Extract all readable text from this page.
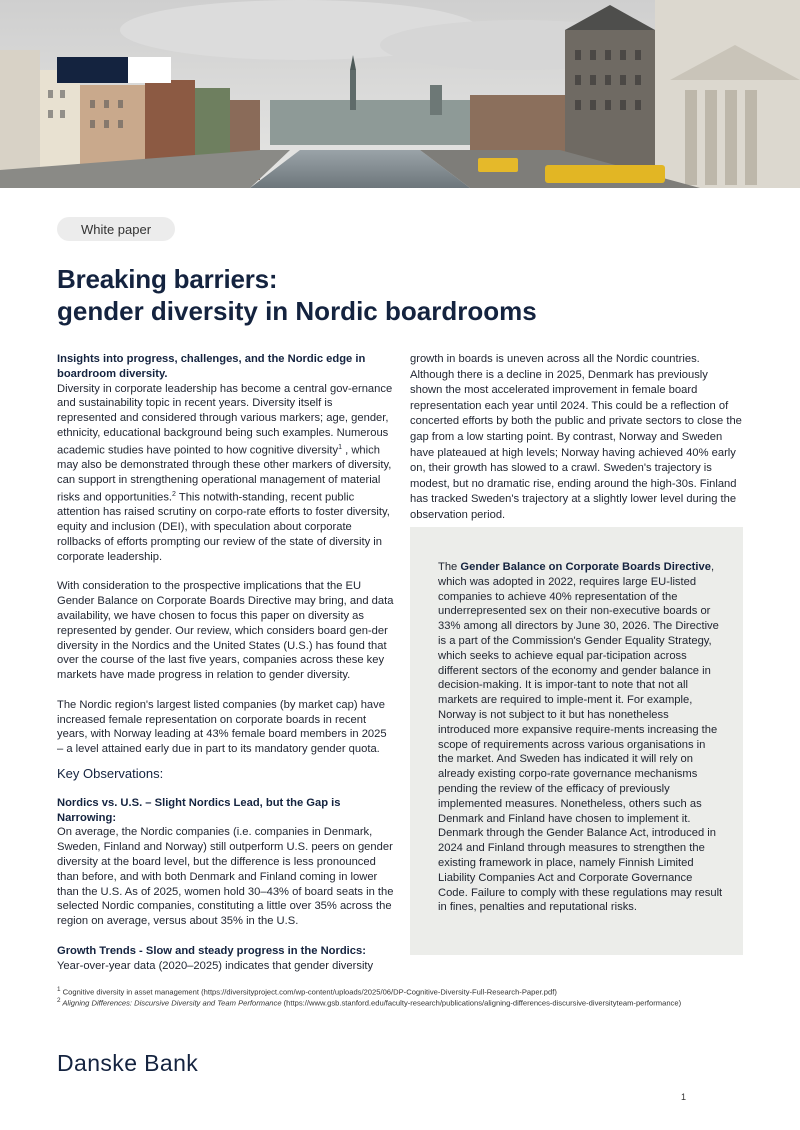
White paper
Breaking barriers:
gender diversity in Nordic boardrooms

Insights into progress, challenges, and the Nordic edge in boardroom diversity.

Diversity in corporate leadership has become a central gov-ernance and sustainability topic in recent years. Diversity itself is represented and considered through various markers; age, gender, ethnicity, educational background being such examples. Numerous academic studies have pointed to how cognitive diversity$^1$ , which may also be demonstrated through these other markers of diversity, can support in strengthening operational management of material risks and opportunities.$^2$ This notwith-standing, recent public attention has raised scrutiny on corpo-rate efforts to foster diversity, equity and inclusion (DEI), with speculation about corporate rollbacks of efforts prompting our review of the state of diversity in corporate leadership.

With consideration to the prospective implications that the EU Gender Balance on Corporate Boards Directive may bring, and data availability, we have chosen to focus this paper on diversity as represented by gender. Our review, which considers board gen-der diversity in the Nordics and the United States (U.S.) has found that over the course of the last five years, companies across these key markets have made progress in relation to gender diversity.

The Nordic region's largest listed companies (by market cap) have increased female representation on corporate boards in recent years, with Norway leading at 43% female board members in 2025 – a level attained early due in part to its mandatory gender quota.

Key Observations:

Nordics vs. U.S. – Slight Nordics Lead, but the Gap is Narrowing:

On average, the Nordic companies (i.e. companies in Denmark, Sweden, Finland and Norway) still outperform U.S. peers on gender diversity at the board level, but the difference is less pronounced than before, and with both Denmark and Finland coming in lower than the U.S. As of 2025, women hold 30–43% of board seats in the selected Nordic companies, constituting a little over 35% across the region on average, versus about 35% in the U.S.

Growth Trends - Slow and steady progress in the Nordics:

Year-over-year data (2020–2025) indicates that gender diversity

growth in boards is uneven across all the Nordic countries. Although there is a decline in 2025, Denmark has previously shown the most accelerated improvement in female board representation each year until 2024. This could be a reflection of concerted efforts by both the public and private sectors to close the gap from a low starting point. By contrast, Norway and Sweden have plateaued at high levels; Norway having achieved 40% early on, their growth has slowed to a crawl. Sweden's trajectory is modest, but no dramatic rise, ending around the high-30s. Finland has tracked Sweden's trajectory at a slightly lower level during the observation period.

The Gender Balance on Corporate Boards Directive, which was adopted in 2022, requires large EU-listed companies to achieve 40% representation of the underrepresented sex on their non-executive boards or 33% among all directors by June 30, 2026. The Directive is a part of the Commission's Gender Equality Strategy, which seeks to achieve equal par-ticipation across different sectors of the economy and gender balance in decision-making. It is impor-tant to note that not all markets are required to imple-ment it. For example, Norway is not subject to it but has nonetheless introduced more expansive require-ments increasing the scope of requirements across various organisations in the market. And Sweden has indicated it will rely on already existing corpo-rate governance mechanisms pending the review of the efficacy of previously implemented measures. Nonetheless, others such as Denmark and Finland have chosen to implement it. Denmark through the Gender Balance Act, introduced in 2024 and Finland through measures to strengthen the existing framework in place, namely Finnish Limited Liability Companies Act and Corporate Governance Code. Failure to comply with these regulations may result in fines, penalties and reputational risks.
$^1$ Cognitive diversity in asset management (https://diversityproject.com/wp-content/uploads/2025/06/DP-Cognitive-Diversity-Full-Research-Paper.pdf)
$^2$ Aligning Differences: Discursive Diversity and Team Performance (https://www.gsb.stanford.edu/faculty-research/publications/aligning-differences-discursive-diversityteam-performance)
Danske Bank
1
